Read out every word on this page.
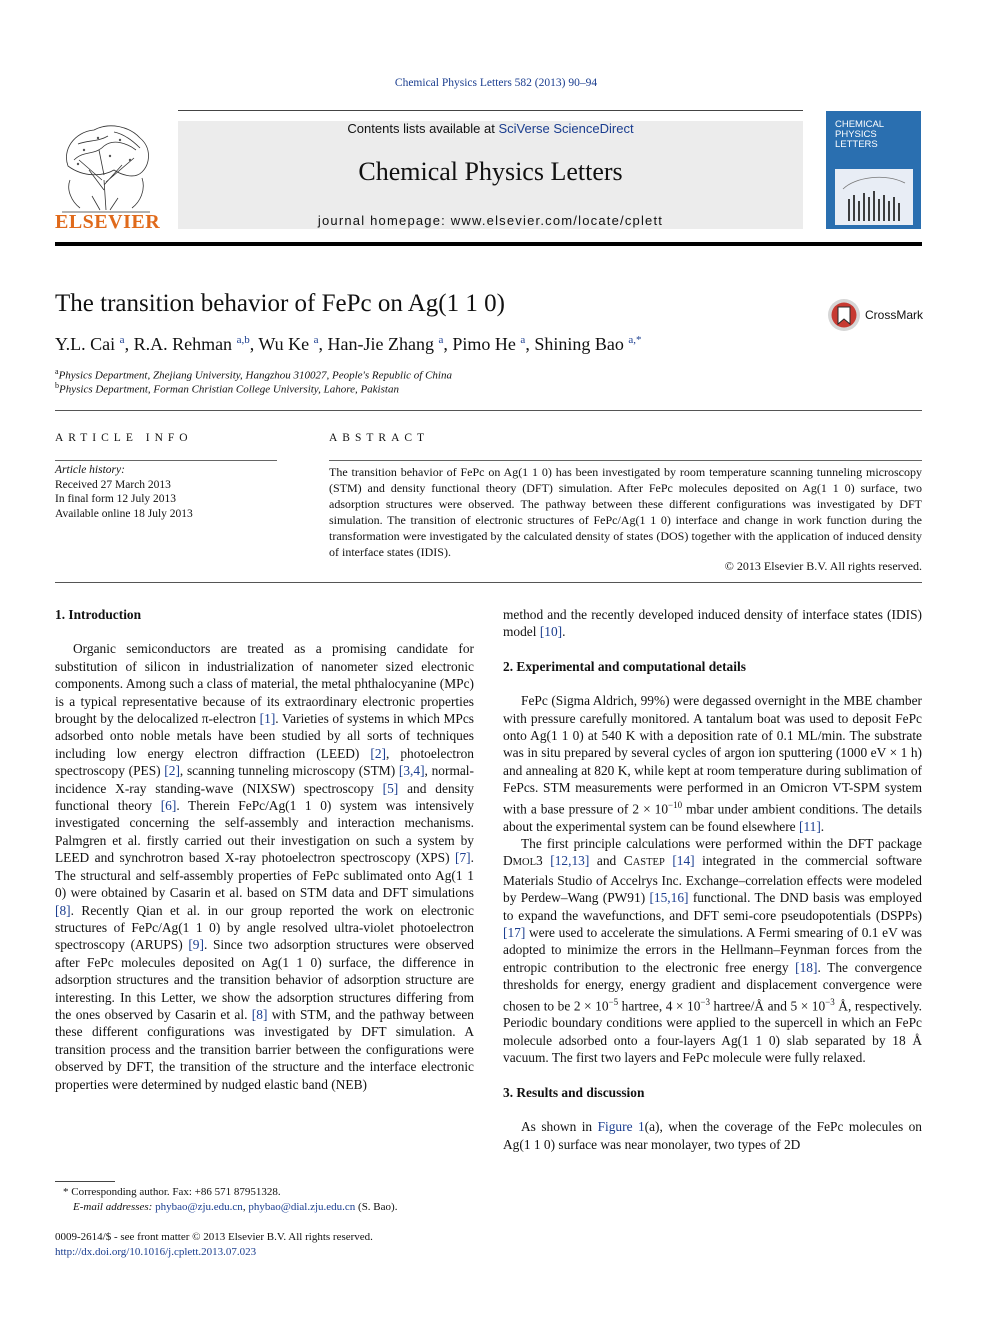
Chemical Physics Letters 582 (2013) 90–94
ELSEVIER
Contents lists available at SciVerse ScienceDirect
Chemical Physics Letters
journal homepage: www.elsevier.com/locate/cplett
CHEMICAL PHYSICS LETTERS
The transition behavior of FePc on Ag(1 1 0)	CrossMark
Y.L. Cai $^a$, R.A. Rehman $^{a,b}$, Wu Ke $^a$, Han-Jie Zhang $^a$, Pimo He $^a$, Shining Bao $^{a,*}$
$^a$Physics Department, Zhejiang University, Hangzhou 310027, People's Republic of China
$^b$Physics Department, Forman Christian College University, Lahore, Pakistan
ARTICLE INFO
Article history:
Received 27 March 2013
In final form 12 July 2013
Available online 18 July 2013
ABSTRACT
The transition behavior of FePc on Ag(1 1 0) has been investigated by room temperature scanning tunneling microscopy (STM) and density functional theory (DFT) simulation. After FePc molecules deposited on Ag(1 1 0) surface, two adsorption structures were observed. The pathway between these different configurations was investigated by DFT simulation. The transition of electronic structures of FePc/Ag(1 1 0) interface and change in work function during the transformation were investigated by the calculated density of states (DOS) together with the application of induced density of interface states (IDIS).
© 2013 Elsevier B.V. All rights reserved.
1. Introduction

Organic semiconductors are treated as a promising candidate for substitution of silicon in industrialization of nanometer sized electronic components. Among such a class of material, the metal phthalocyanine (MPc) is a typical representative because of its extraordinary electronic properties brought by the delocalized π-electron [1]. Varieties of systems in which MPcs adsorbed onto noble metals have been studied by all sorts of techniques including low energy electron diffraction (LEED) [2], photoelectron spectroscopy (PES) [2], scanning tunneling microscopy (STM) [3,4], normal-incidence X-ray standing-wave (NIXSW) spectroscopy [5] and density functional theory [6]. Therein FePc/Ag(1 1 0) system was intensively investigated concerning the self-assembly and interaction mechanisms. Palmgren et al. firstly carried out their investigation on such a system by LEED and synchrotron based X-ray photoelectron spectroscopy (XPS) [7]. The structural and self-assembly properties of FePc sublimated onto Ag(1 1 0) were obtained by Casarin et al. based on STM data and DFT simulations [8]. Recently Qian et al. in our group reported the work on electronic structures of FePc/Ag(1 1 0) by angle resolved ultra-violet photoelectron spectroscopy (ARUPS) [9]. Since two adsorption structures were observed after FePc molecules deposited on Ag(1 1 0) surface, the difference in adsorption structures and the transition behavior of adsorption structure are interesting. In this Letter, we show the adsorption structures differing from the ones observed by Casarin et al. [8] with STM, and the pathway between these different configurations was investigated by DFT simulation. A transition process and the transition barrier between the configurations were observed by DFT, the transition of the structure and the interface electronic properties were determined by nudged elastic band (NEB)

method and the recently developed induced density of interface states (IDIS) model [10].

2. Experimental and computational details

FePc (Sigma Aldrich, 99%) were degassed overnight in the MBE chamber with pressure carefully monitored. A tantalum boat was used to deposit FePc onto Ag(1 1 0) at 540 K with a deposition rate of 0.1 ML/min. The substrate was in situ prepared by several cycles of argon ion sputtering (1000 eV × 1 h) and annealing at 820 K, while kept at room temperature during sublimation of FePcs. STM measurements were performed in an Omicron VT-SPM system with a base pressure of $2 \times 10^{-10}$ mbar under ambient conditions. The details about the experimental system can be found elsewhere [11].

The first principle calculations were performed within the DFT package DMOL3 [12,13] and CASTEP [14] integrated in the commercial software Materials Studio of Accelrys Inc. Exchange–correlation effects were modeled by Perdew–Wang (PW91) [15,16] functional. The DND basis was employed to expand the wavefunctions, and DFT semi-core pseudopotentials (DSPPs) [17] were used to accelerate the simulations. A Fermi smearing of 0.1 eV was adopted to minimize the errors in the Hellmann–Feynman forces from the entropic contribution to the electronic free energy [18]. The convergence thresholds for energy, energy gradient and displacement convergence were chosen to be $2 \times 10^{-5}$ hartree, $4 \times 10^{-3}$ hartree/Å and $5 \times 10^{-3}$ Å, respectively. Periodic boundary conditions were applied to the supercell in which an FePc molecule adsorbed onto a four-layers Ag(1 1 0) slab separated by 18 Å vacuum. The first two layers and FePc molecule were fully relaxed.

3. Results and discussion

As shown in Figure 1(a), when the coverage of the FePc molecules on Ag(1 1 0) surface was near monolayer, two types of 2D

* Corresponding author. Fax: +86 571 87951328.
E-mail addresses: phybao@zju.edu.cn, phybao@dial.zju.edu.cn (S. Bao).
0009-2614/$ - see front matter © 2013 Elsevier B.V. All rights reserved.
http://dx.doi.org/10.1016/j.cplett.2013.07.023
